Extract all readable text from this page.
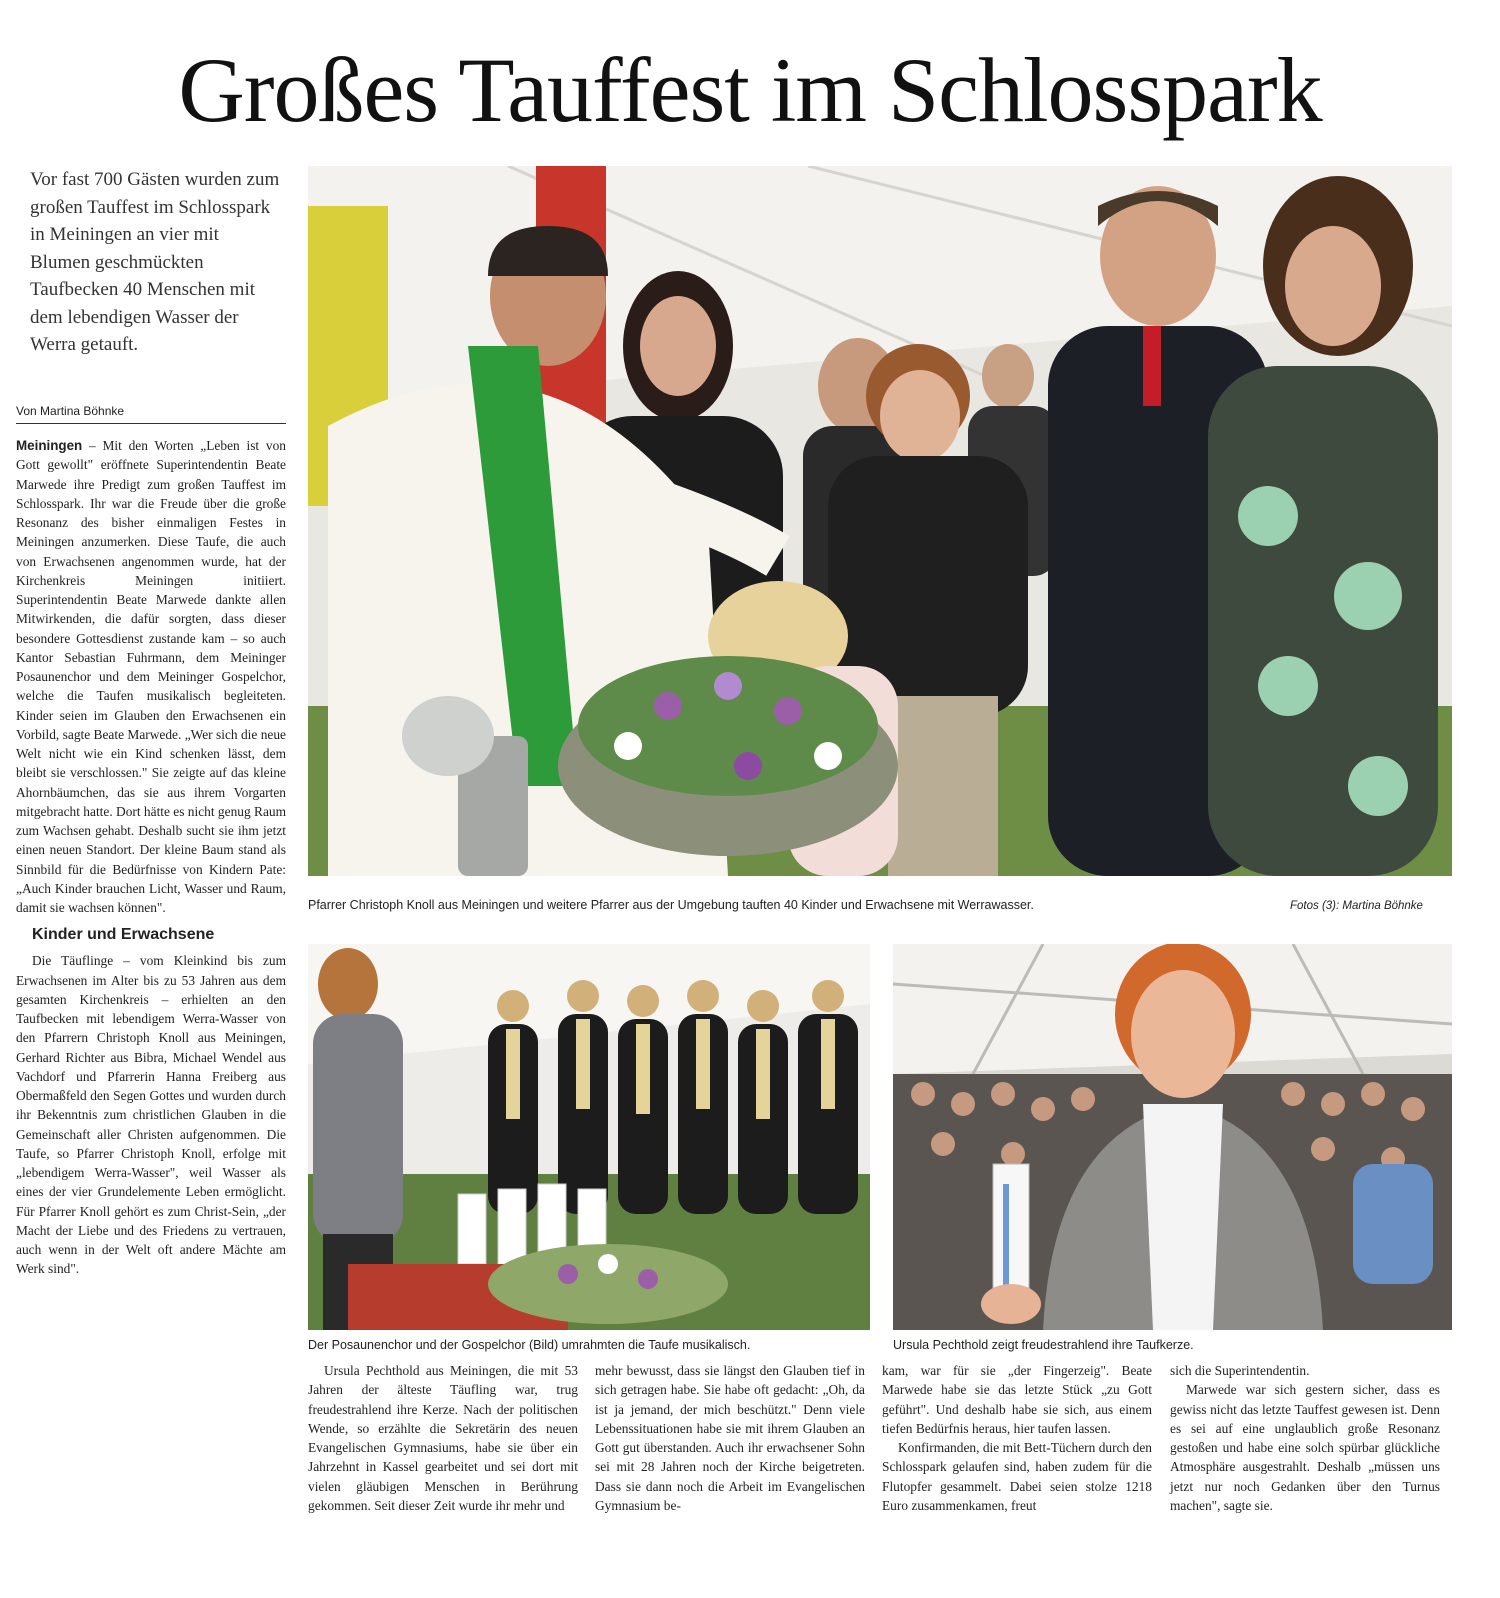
Großes Tauffest im Schlosspark
Vor fast 700 Gästen wurden zum großen Tauffest im Schlosspark in Meiningen an vier mit Blumen geschmückten Taufbecken 40 Menschen mit dem lebendigen Wasser der Werra getauft.
Von Martina Böhnke

Meiningen – Mit den Worten „Leben ist von Gott gewollt" eröffnete Superintendentin Beate Marwede ihre Predigt zum großen Tauffest im Schlosspark. Ihr war die Freude über die große Resonanz des bisher einmaligen Festes in Meiningen anzumerken. Diese Taufe, die auch von Erwachsenen angenommen wurde, hat der Kirchenkreis Meiningen initiiert. Superintendentin Beate Marwede dankte allen Mitwirkenden, die dafür sorgten, dass dieser besondere Gottesdienst zustande kam – so auch Kantor Sebastian Fuhrmann, dem Meininger Posaunenchor und dem Meininger Gospelchor, welche die Taufen musikalisch begleiteten. Kinder seien im Glauben den Erwachsenen ein Vorbild, sagte Beate Marwede. „Wer sich die neue Welt nicht wie ein Kind schenken lässt, dem bleibt sie verschlossen." Sie zeigte auf das kleine Ahornbäumchen, das sie aus ihrem Vorgarten mitgebracht hatte. Dort hätte es nicht genug Raum zum Wachsen gehabt. Deshalb sucht sie ihm jetzt einen neuen Standort. Der kleine Baum stand als Sinnbild für die Bedürfnisse von Kindern Pate: „Auch Kinder brauchen Licht, Wasser und Raum, damit sie wachsen können".

Kinder und Erwachsene

Die Täuflinge – vom Kleinkind bis zum Erwachsenen im Alter bis zu 53 Jahren aus dem gesamten Kirchenkreis – erhielten an den Taufbecken mit lebendigem Werra-Wasser von den Pfarrern Christoph Knoll aus Meiningen, Gerhard Richter aus Bibra, Michael Wendel aus Vachdorf und Pfarrerin Hanna Freiberg aus Obermaßfeld den Segen Gottes und wurden durch ihr Bekenntnis zum christlichen Glauben in die Gemeinschaft aller Christen aufgenommen. Die Taufe, so Pfarrer Christoph Knoll, erfolge mit „lebendigem Werra-Wasser", weil Wasser als eines der vier Grundelemente Leben ermöglicht. Für Pfarrer Knoll gehört es zum Christ-Sein, „der Macht der Liebe und des Friedens zu vertrauen, auch wenn in der Welt oft andere Mächte am Werk sind".

Pfarrer Christoph Knoll aus Meiningen und weitere Pfarrer aus der Umgebung tauften 40 Kinder und Erwachsene mit Werrawasser.	Fotos (3): Martina Böhnke
Der Posaunenchor und der Gospelchor (Bild) umrahmten die Taufe musikalisch.	Ursula Pechthold zeigt freudestrahlend ihre Taufkerze.

Ursula Pechthold aus Meiningen, die mit 53 Jahren der älteste Täufling war, trug freudestrahlend ihre Kerze. Nach der politischen Wende, so erzählte die Sekretärin des neuen Evangelischen Gymnasiums, habe sie über ein Jahrzehnt in Kassel gearbeitet und sei dort mit vielen gläubigen Menschen in Berührung gekommen. Seit dieser Zeit wurde ihr mehr und

mehr bewusst, dass sie längst den Glauben tief in sich getragen habe. Sie habe oft gedacht: „Oh, da ist ja jemand, der mich beschützt." Denn viele Lebenssituationen habe sie mit ihrem Glauben an Gott gut überstanden. Auch ihr erwachsener Sohn sei mit 28 Jahren noch der Kirche beigetreten. Dass sie dann noch die Arbeit im Evangelischen Gymnasium be-

kam, war für sie „der Fingerzeig". Beate Marwede habe sie das letzte Stück „zu Gott geführt". Und deshalb habe sie sich, aus einem tiefen Bedürfnis heraus, hier taufen lassen.

Konfirmanden, die mit Bett-Tüchern durch den Schlosspark gelaufen sind, haben zudem für die Flutopfer gesammelt. Dabei seien stolze 1218 Euro zusammenkamen, freut

sich die Superintendentin.

Marwede war sich gestern sicher, dass es gewiss nicht das letzte Tauffest gewesen ist. Denn es sei auf eine unglaublich große Resonanz gestoßen und habe eine solch spürbar glückliche Atmosphäre ausgestrahlt. Deshalb „müssen uns jetzt nur noch Gedanken über den Turnus machen", sagte sie.
